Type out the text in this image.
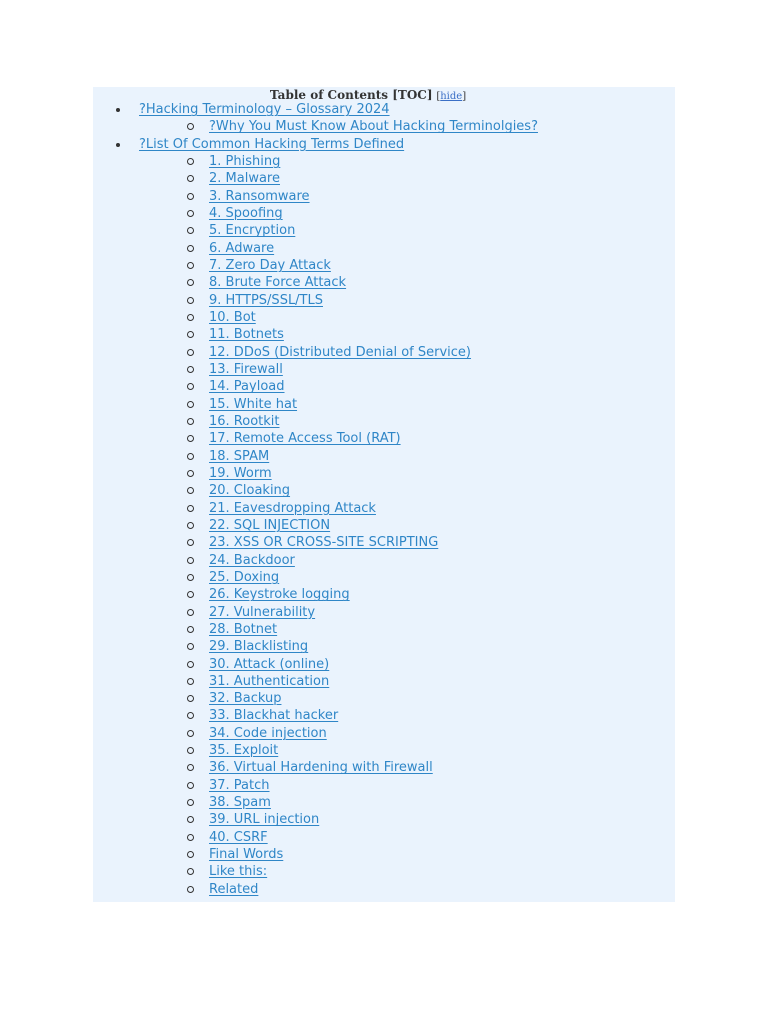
Table of Contents [TOC] [hide]
?Hacking Terminology – Glossary 2024
?Why You Must Know About Hacking Terminolgies?
?List Of Common Hacking Terms Defined
1. Phishing
2. Malware
3. Ransomware
4. Spoofing
5. Encryption
6. Adware
7. Zero Day Attack
8. Brute Force Attack
9. HTTPS/SSL/TLS
10. Bot
11. Botnets
12. DDoS (Distributed Denial of Service)
13. Firewall
14. Payload
15. White hat
16. Rootkit
17. Remote Access Tool (RAT)
18. SPAM
19. Worm
20. Cloaking
21. Eavesdropping Attack
22. SQL INJECTION
23. XSS OR CROSS-SITE SCRIPTING
24. Backdoor
25. Doxing
26. Keystroke logging
27. Vulnerability
28. Botnet
29. Blacklisting
30. Attack (online)
31. Authentication
32. Backup
33. Blackhat hacker
34. Code injection
35. Exploit
36. Virtual Hardening with Firewall
37. Patch
38. Spam
39. URL injection
40. CSRF
Final Words
Like this:
Related
